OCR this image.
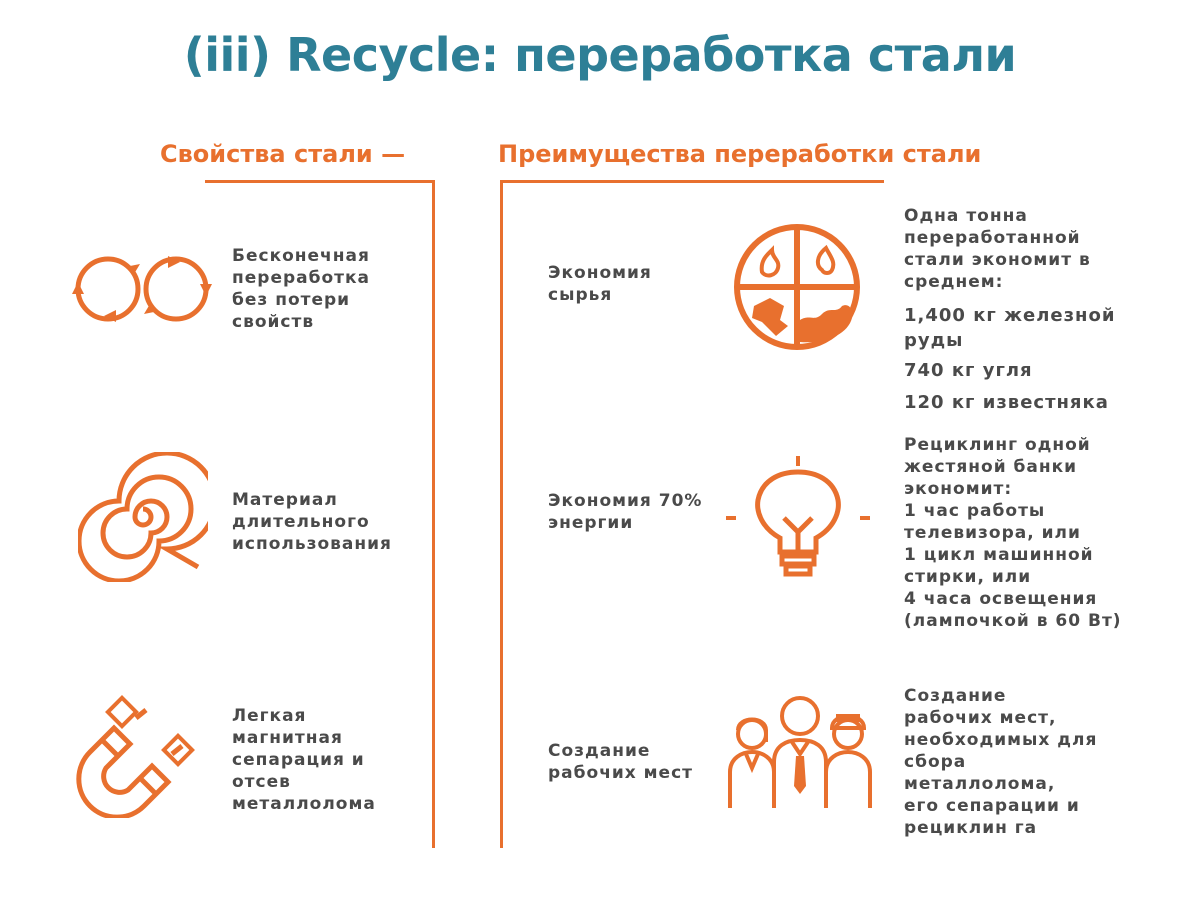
(iii) Recycle: переработка стали
Свойства стали —	Преимущества переработки стали
Бесконечная
переработка
без потери
свойств
Материал
длительного
использования
Легкая
магнитная
сепарация и
отсев
металлолома
Экономия
сырья
Одна тонна
переработанной
стали экономит в
среднем:
1,400 кг железной
руды
740 кг угля
120 кг известняка
Экономия 70%
энергии
Рециклинг одной
жестяной банки
экономит:
1 час работы
телевизора, или
1 цикл машинной
стирки, или
4 часа освещения
(лампочкой в 60 Вт)
Создание
рабочих мест
Создание
рабочих мест,
необходимых для
сбора
металлолома,
его сепарации и
рециклин га
